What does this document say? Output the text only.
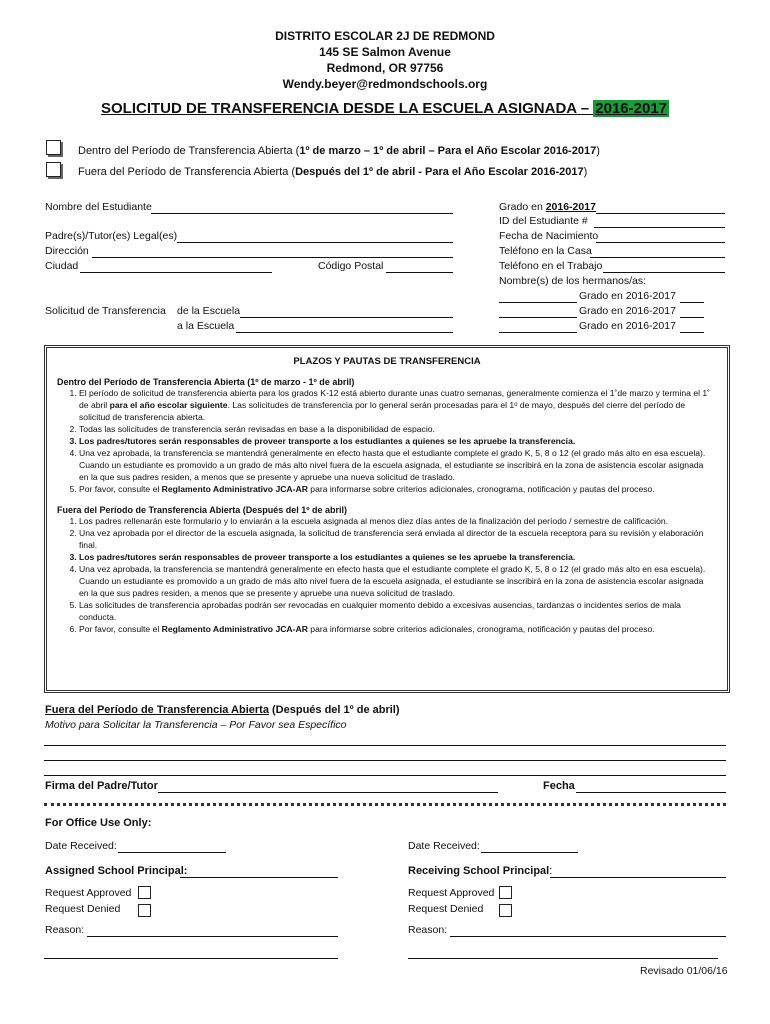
DISTRITO ESCOLAR 2J DE REDMOND
145 SE Salmon Avenue
Redmond, OR 97756
Wendy.beyer@redmondschools.org
SOLICITUD DE TRANSFERENCIA DESDE LA ESCUELA ASIGNADA – 2016-2017
Dentro del Período de Transferencia Abierta (1º de marzo – 1º de abril – Para el Año Escolar 2016-2017)
Fuera del Período de Transferencia Abierta (Después del 1º de abril - Para el Año Escolar 2016-2017)
Nombre del Estudiante
Padre(s)/Tutor(es) Legal(es)
Dirección
Ciudad	Código Postal
Solicitud de Transferencia de la Escuela
a la Escuela
Grado en 2016-2017
ID del Estudiante #
Fecha de Nacimiento
Teléfono en la Casa
Teléfono en el Trabajo
Nombre(s) de los hermanos/as:
Grado en 2016-2017
Grado en 2016-2017
Grado en 2016-2017
PLAZOS Y PAUTAS DE TRANSFERENCIA
Dentro del Período de Transferencia Abierta (1º de marzo - 1º de abril)
1. El período de solicitud de transferencia abierta para los grados K-12 está abierto durante unas cuatro semanas, generalmente comienza el 1˚de marzo y termina el 1˚ de abril para el año escolar siguiente. Las solicitudes de transferencia por lo general serán procesadas para el 1ᵒ de mayo, después del cierre del período de solicitud de transferencia abierta.
2. Todas las solicitudes de transferencia serán revisadas en base a la disponibilidad de espacio.
3. Los padres/tutores serán responsables de proveer transporte a los estudiantes a quienes se les apruebe la transferencia.
4. Una vez aprobada, la transferencia se mantendrá generalmente en efecto hasta que el estudiante complete el grado K, 5, 8 o 12 (el grado más alto en esa escuela). Cuando un estudiante es promovido a un grado de más alto nivel fuera de la escuela asignada, el estudiante se inscribirá en la zona de asistencia escolar asignada en la que sus padres residen, a menos que se presente y apruebe una nueva solicitud de traslado.
5. Por favor, consulte el Reglamento Administrativo JCA-AR para informarse sobre criterios adicionales, cronograma, notificación y pautas del proceso.
Fuera del Período de Transferencia Abierta (Después del 1º de abril)
1. Los padres rellenarán este formulario y lo enviarán a la escuela asignada al menos diez días antes de la finalización del período / semestre de calificación.
2. Una vez aprobada por el director de la escuela asignada, la solicitud de transferencia será enviada al director de la escuela receptora para su revisión y elaboración final.
3. Los padres/tutores serán responsables de proveer transporte a los estudiantes a quienes se les apruebe la transferencia.
4. Una vez aprobada, la transferencia se mantendrá generalmente en efecto hasta que el estudiante complete el grado K, 5, 8 o 12 (el grado más alto en esa escuela). Cuando un estudiante es promovido a un grado de más alto nivel fuera de la escuela asignada, el estudiante se inscribirá en la zona de asistencia escolar asignada en la que sus padres residen, a menos que se presente y apruebe una nueva solicitud de traslado.
5. Las solicitudes de transferencia aprobadas podrán ser revocadas en cualquier momento debido a excesivas ausencias, tardanzas o incidentes serios de mala conducta.
6. Por favor, consulte el Reglamento Administrativo JCA-AR para informarse sobre criterios adicionales, cronograma, notificación y pautas del proceso.
Fuera del Período de Transferencia Abierta (Después del 1º de abril)
Motivo para Solicitar la Transferencia – Por Favor sea Específico
Firma del Padre/Tutor	Fecha
For Office Use Only:
Date Received:	Date Received:
Assigned School Principal:	Receiving School Principal:
Request Approved
Request Denied
Request Approved
Request Denied
Reason:	Reason:
Revisado 01/06/16
